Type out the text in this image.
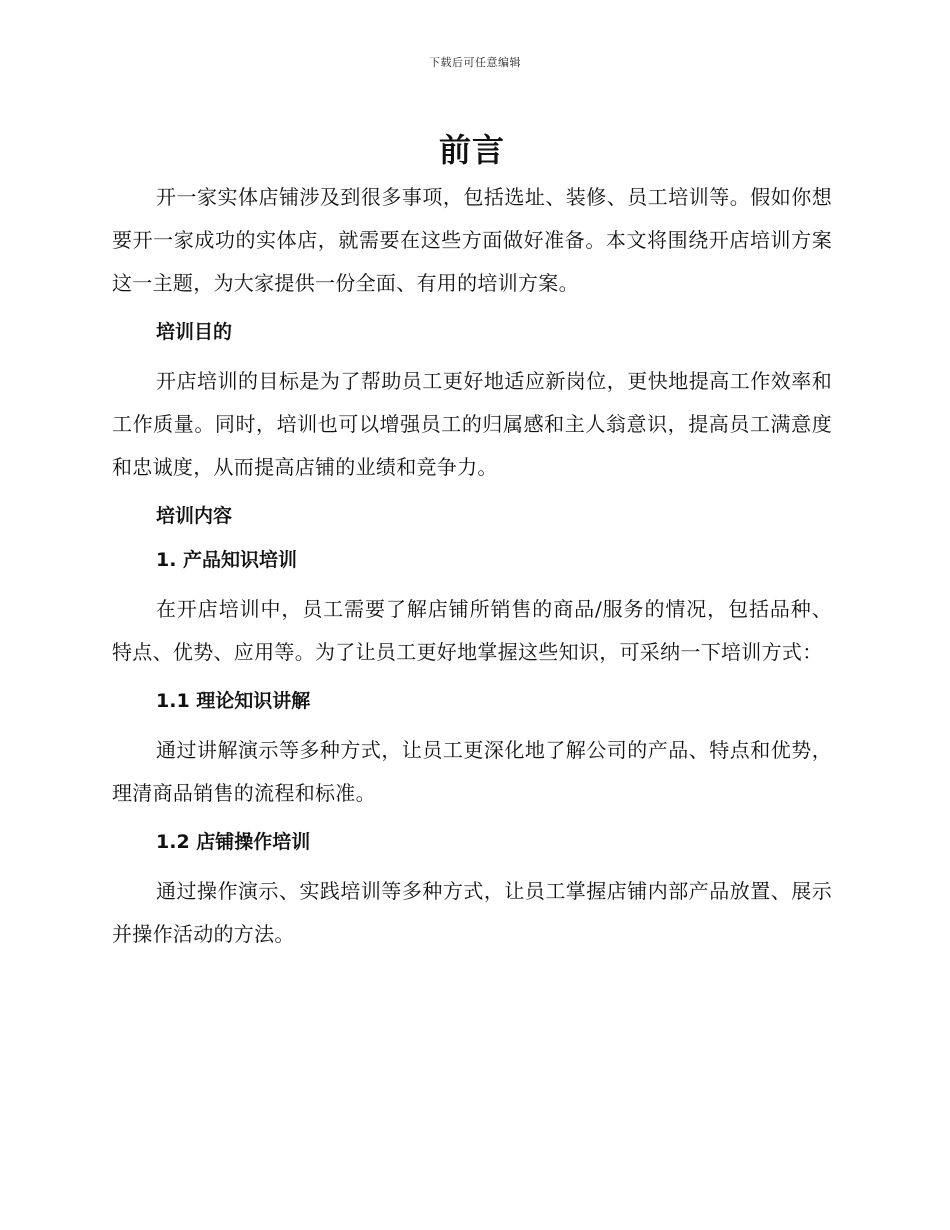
下载后可任意编辑
前言

开一家实体店铺涉及到很多事项，包括选址、装修、员工培训等。假如你想要开一家成功的实体店，就需要在这些方面做好准备。本文将围绕开店培训方案这一主题，为大家提供一份全面、有用的培训方案。

培训目的

开店培训的目标是为了帮助员工更好地适应新岗位，更快地提高工作效率和工作质量。同时，培训也可以增强员工的归属感和主人翁意识，提高员工满意度和忠诚度，从而提高店铺的业绩和竞争力。

培训内容
1. 产品知识培训

在开店培训中，员工需要了解店铺所销售的商品/服务的情况，包括品种、特点、优势、应用等。为了让员工更好地掌握这些知识，可采纳一下培训方式：

1.1 理论知识讲解

通过讲解演示等多种方式，让员工更深化地了解公司的产品、特点和优势，理清商品销售的流程和标准。

1.2 店铺操作培训

通过操作演示、实践培训等多种方式，让员工掌握店铺内部产品放置、展示并操作活动的方法。
